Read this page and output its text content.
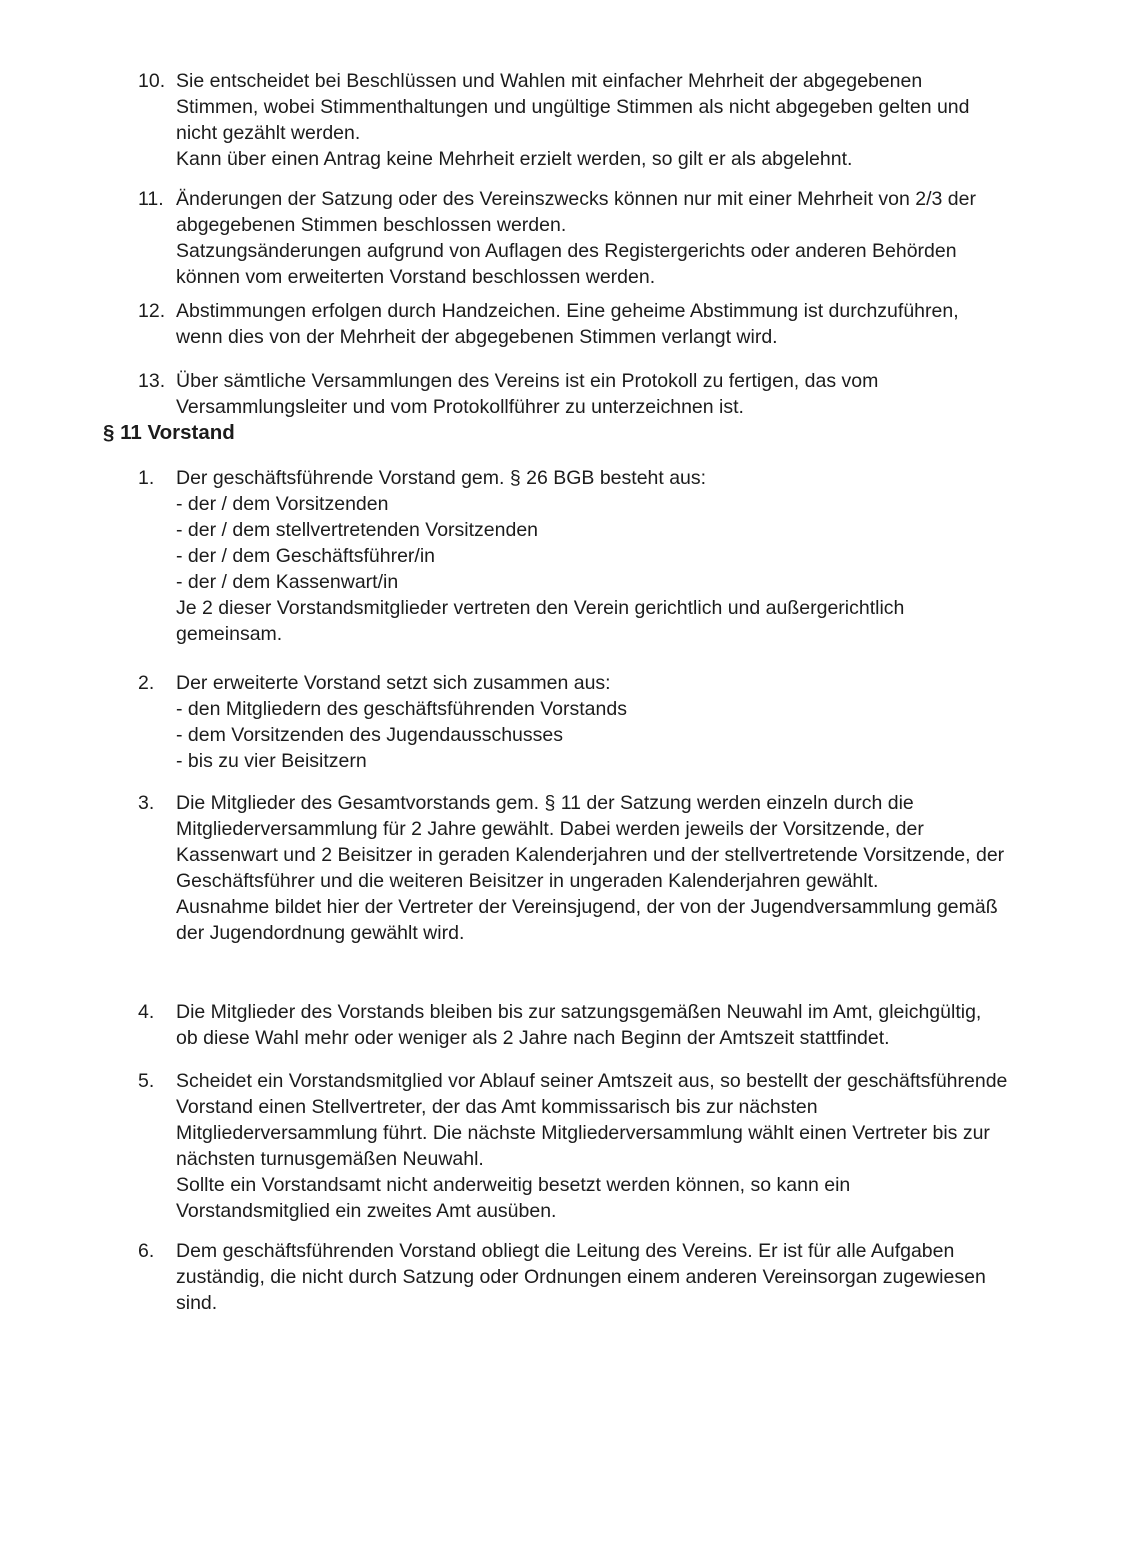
10. Sie entscheidet bei Beschlüssen und Wahlen mit einfacher Mehrheit der abgegebenen Stimmen, wobei Stimmenthaltungen und ungültige Stimmen als nicht abgegeben gelten und nicht gezählt werden.

Kann über einen Antrag keine Mehrheit erzielt werden, so gilt er als abgelehnt.

11. Änderungen der Satzung oder des Vereinszwecks können nur mit einer Mehrheit von 2/3 der abgegebenen Stimmen beschlossen werden.

Satzungsänderungen aufgrund von Auflagen des Registergerichts oder anderen Behörden können vom erweiterten Vorstand beschlossen werden.

12. Abstimmungen erfolgen durch Handzeichen. Eine geheime Abstimmung ist durchzuführen, wenn dies von der Mehrheit der abgegebenen Stimmen verlangt wird.

13. Über sämtliche Versammlungen des Vereins ist ein Protokoll zu fertigen, das vom Versammlungsleiter und vom Protokollführer zu unterzeichnen ist.

§ 11 Vorstand
1.	Der geschäftsführende Vorstand gem. § 26 BGB besteht aus:
- der / dem Vorsitzenden
- der / dem stellvertretenden Vorsitzenden
- der / dem Geschäftsführer/in
- der / dem Kassenwart/in

Je 2 dieser Vorstandsmitglieder vertreten den Verein gerichtlich und außergerichtlich gemeinsam.

2.	Der erweiterte Vorstand setzt sich zusammen aus:
- den Mitgliedern des geschäftsführenden Vorstands
- dem Vorsitzenden des Jugendausschusses
- bis zu vier Beisitzern
3.	Die Mitglieder des Gesamtvorstands gem. § 11 der Satzung werden einzeln durch die Mitgliederversammlung für 2 Jahre gewählt. Dabei werden jeweils der Vorsitzende, der Kassenwart und 2 Beisitzer in geraden Kalenderjahren und der stellvertretende Vorsitzende, der Geschäftsführer und die weiteren Beisitzer in ungeraden Kalenderjahren gewählt.

Ausnahme bildet hier der Vertreter der Vereinsjugend, der von der Jugendversammlung gemäß der Jugendordnung gewählt wird.

4.	Die Mitglieder des Vorstands bleiben bis zur satzungsgemäßen Neuwahl im Amt, gleichgültig, ob diese Wahl mehr oder weniger als 2 Jahre nach Beginn der Amtszeit stattfindet.

5.	Scheidet ein Vorstandsmitglied vor Ablauf seiner Amtszeit aus, so bestellt der geschäftsführende Vorstand einen Stellvertreter, der das Amt kommissarisch bis zur nächsten Mitgliederversammlung führt. Die nächste Mitgliederversammlung wählt einen Vertreter bis zur nächsten turnusgemäßen Neuwahl.

Sollte ein Vorstandsamt nicht anderweitig besetzt werden können, so kann ein Vorstandsmitglied ein zweites Amt ausüben.

6.	Dem geschäftsführenden Vorstand obliegt die Leitung des Vereins. Er ist für alle Aufgaben zuständig, die nicht durch Satzung oder Ordnungen einem anderen Vereinsorgan zugewiesen sind.
